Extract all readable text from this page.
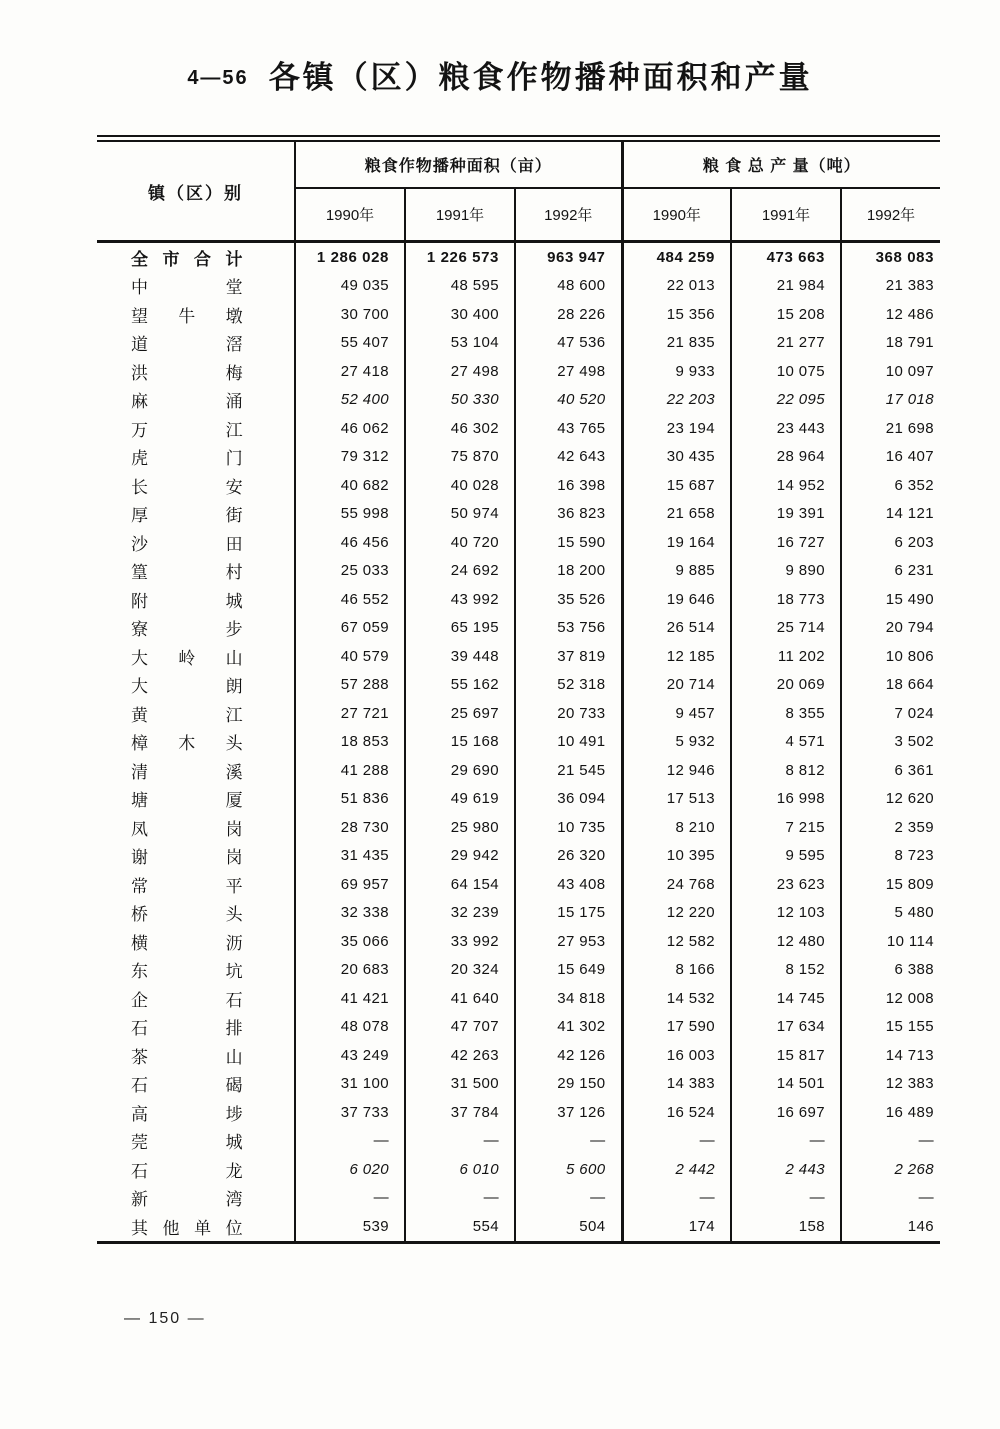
4—56 各镇（区）粮食作物播种面积和产量
镇（区）别	粮食作物播种面积（亩）			粮 食 总 产 量（吨）		
	1990年	1991年	1992年	1990年	1991年	1992年

全 市 合 计	1 286 028	1 226 573	963 947	484 259	473 663	368 083

中 堂	49 035	48 595	48 600	22 013	21 984	21 383

望 牛 墩	30 700	30 400	28 226	15 356	15 208	12 486

道 滘	55 407	53 104	47 536	21 835	21 277	18 791

洪 梅	27 418	27 498	27 498	9 933	10 075	10 097

麻 涌	52 400	50 330	40 520	22 203	22 095	17 018

万 江	46 062	46 302	43 765	23 194	23 443	21 698

虎 门	79 312	75 870	42 643	30 435	28 964	16 407

长 安	40 682	40 028	16 398	15 687	14 952	6 352

厚 街	55 998	50 974	36 823	21 658	19 391	14 121

沙 田	46 456	40 720	15 590	19 164	16 727	6 203

篁 村	25 033	24 692	18 200	9 885	9 890	6 231

附 城	46 552	43 992	35 526	19 646	18 773	15 490

寮 步	67 059	65 195	53 756	26 514	25 714	20 794

大 岭 山	40 579	39 448	37 819	12 185	11 202	10 806

大 朗	57 288	55 162	52 318	20 714	20 069	18 664

黄 江	27 721	25 697	20 733	9 457	8 355	7 024

樟 木 头	18 853	15 168	10 491	5 932	4 571	3 502

清 溪	41 288	29 690	21 545	12 946	8 812	6 361

塘 厦	51 836	49 619	36 094	17 513	16 998	12 620

凤 岗	28 730	25 980	10 735	8 210	7 215	2 359

谢 岗	31 435	29 942	26 320	10 395	9 595	8 723

常 平	69 957	64 154	43 408	24 768	23 623	15 809

桥 头	32 338	32 239	15 175	12 220	12 103	5 480

横 沥	35 066	33 992	27 953	12 582	12 480	10 114

东 坑	20 683	20 324	15 649	8 166	8 152	6 388

企 石	41 421	41 640	34 818	14 532	14 745	12 008

石 排	48 078	47 707	41 302	17 590	17 634	15 155

茶 山	43 249	42 263	42 126	16 003	15 817	14 713

石 碣	31 100	31 500	29 150	14 383	14 501	12 383

高 埗	37 733	37 784	37 126	16 524	16 697	16 489

莞 城	—	—	—	—	—	—

石 龙	6 020	6 010	5 600	2 442	2 443	2 268

新 湾	—	—	—	—	—	—

其 他 单 位	539	554	504	174	158	146
— 150 —
